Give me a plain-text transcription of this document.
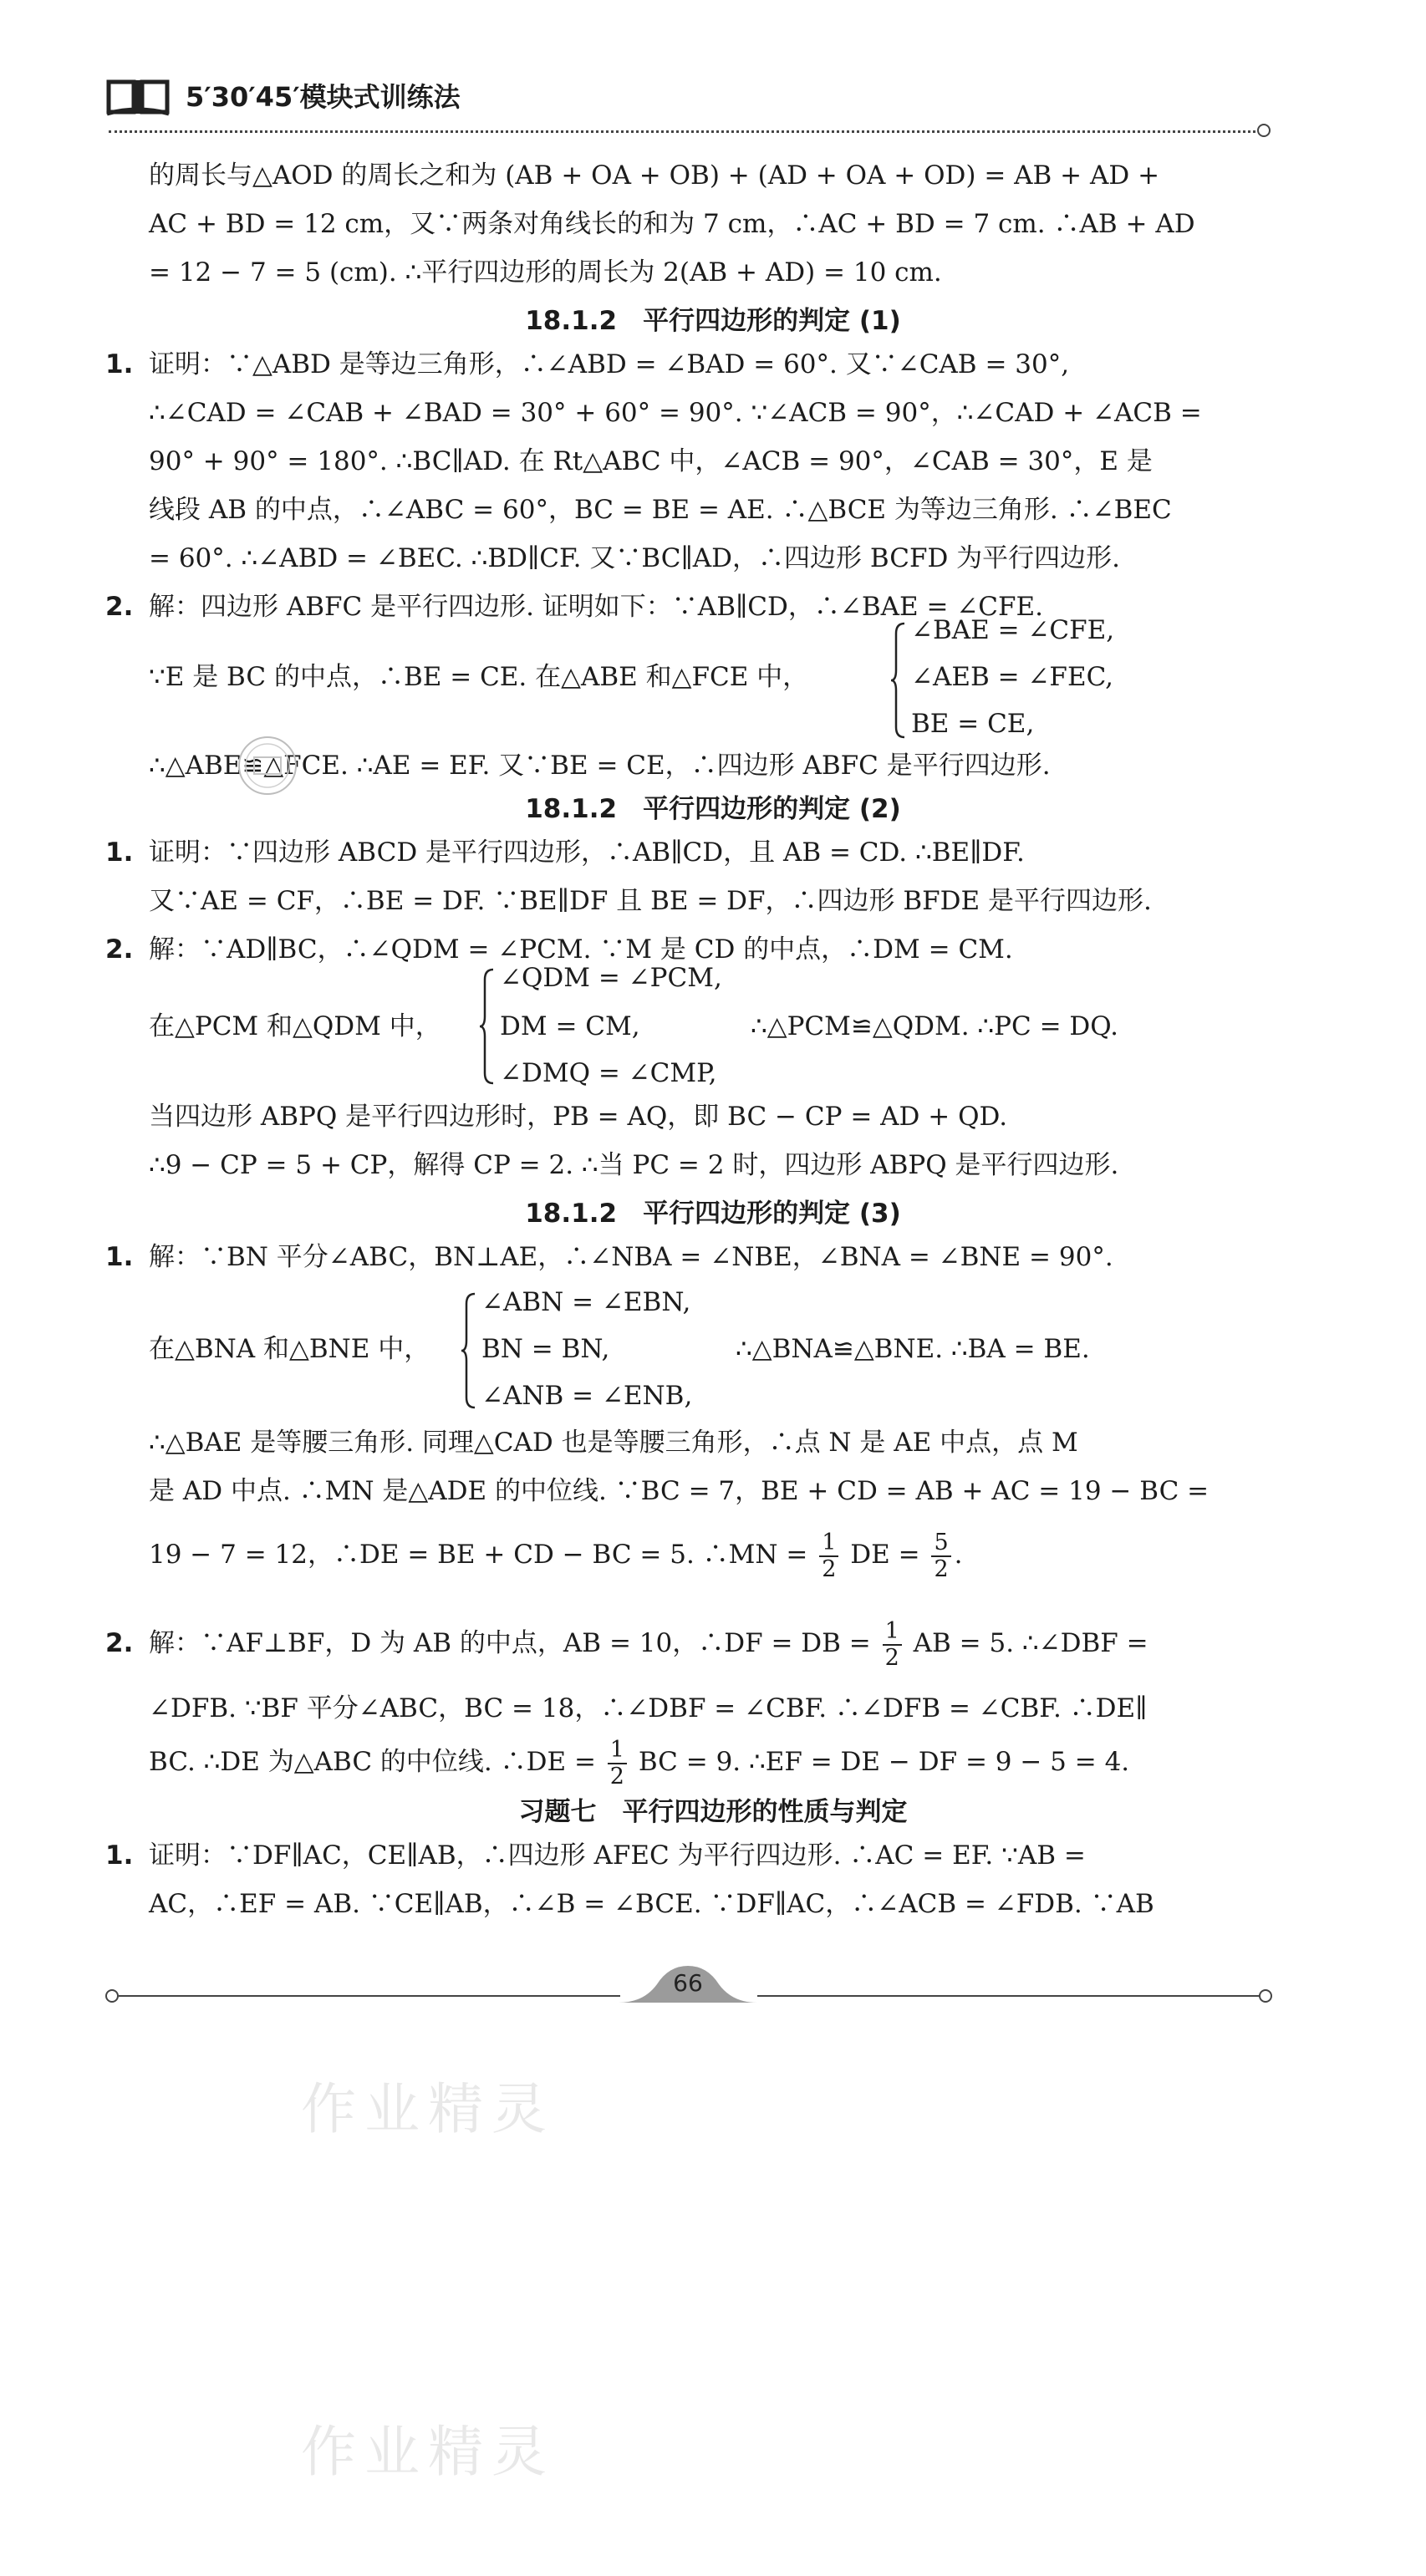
5′30′45′模块式训练法
的周长与△AOD 的周长之和为 (AB + OA + OB) + (AD + OA + OD) = AB + AD +
AC + BD = 12 cm，又∵两条对角线长的和为 7 cm，∴AC + BD = 7 cm. ∴AB + AD
= 12 − 7 = 5 (cm). ∴平行四边形的周长为 2(AB + AD) = 10 cm.
18.1.2　平行四边形的判定 (1)
1. 证明：∵△ABD 是等边三角形，∴∠ABD = ∠BAD = 60°. 又∵∠CAB = 30°,
∴∠CAD = ∠CAB + ∠BAD = 30° + 60° = 90°. ∵∠ACB = 90°，∴∠CAD + ∠ACB =
90° + 90° = 180°. ∴BC∥AD. 在 Rt△ABC 中，∠ACB = 90°，∠CAB = 30°，E 是
线段 AB 的中点，∴∠ABC = 60°，BC = BE = AE. ∴△BCE 为等边三角形. ∴∠BEC
= 60°. ∴∠ABD = ∠BEC. ∴BD∥CF. 又∵BC∥AD，∴四边形 BCFD 为平行四边形.
2. 解：四边形 ABFC 是平行四边形. 证明如下：∵AB∥CD，∴∠BAE = ∠CFE.
∵E 是 BC 的中点，∴BE = CE. 在△ABE 和△FCE 中，
∠BAE = ∠CFE,
∠AEB = ∠FEC,
BE = CE,
∴△ABE≌△FCE. ∴AE = EF. 又∵BE = CE，∴四边形 ABFC 是平行四边形.
18.1.2　平行四边形的判定 (2)
1. 证明：∵四边形 ABCD 是平行四边形，∴AB∥CD，且 AB = CD. ∴BE∥DF.
又∵AE = CF，∴BE = DF. ∵BE∥DF 且 BE = DF，∴四边形 BFDE 是平行四边形.
2. 解：∵AD∥BC，∴∠QDM = ∠PCM. ∵M 是 CD 的中点，∴DM = CM.
在△PCM 和△QDM 中，
∠QDM = ∠PCM,
DM = CM,
∠DMQ = ∠CMP,
∴△PCM≌△QDM. ∴PC = DQ.
当四边形 ABPQ 是平行四边形时，PB = AQ，即 BC − CP = AD + QD.
∴9 − CP = 5 + CP，解得 CP = 2. ∴当 PC = 2 时，四边形 ABPQ 是平行四边形.
18.1.2　平行四边形的判定 (3)
1. 解：∵BN 平分∠ABC，BN⊥AE，∴∠NBA = ∠NBE，∠BNA = ∠BNE = 90°.
在△BNA 和△BNE 中，
∠ABN = ∠EBN,
BN = BN,
∠ANB = ∠ENB,
∴△BNA≌△BNE. ∴BA = BE.
∴△BAE 是等腰三角形. 同理△CAD 也是等腰三角形，∴点 N 是 AE 中点，点 M
是 AD 中点. ∴MN 是△ADE 的中位线. ∵BC = 7，BE + CD = AB + AC = 19 − BC =
19 − 7 = 12，∴DE = BE + CD − BC = 5. ∴MN = $\frac{1}{2}$ DE = $\frac{5}{2}$ .
2. 解：∵AF⊥BF，D 为 AB 的中点，AB = 10，∴DF = DB = $\frac{1}{2}$ AB = 5. ∴∠DBF =
∠DFB. ∵BF 平分∠ABC，BC = 18，∴∠DBF = ∠CBF. ∴∠DFB = ∠CBF. ∴DE∥
BC. ∴DE 为△ABC 的中位线. ∴DE = $\frac{1}{2}$ BC = 9. ∴EF = DE − DF = 9 − 5 = 4.
习题七　平行四边形的性质与判定
1. 证明：∵DF∥AC，CE∥AB，∴四边形 AFEC 为平行四边形. ∴AC = EF. ∵AB =
AC，∴EF = AB. ∵CE∥AB，∴∠B = ∠BCE. ∵DF∥AC，∴∠ACB = ∠FDB. ∵AB
66
作业精灵
作业精灵
